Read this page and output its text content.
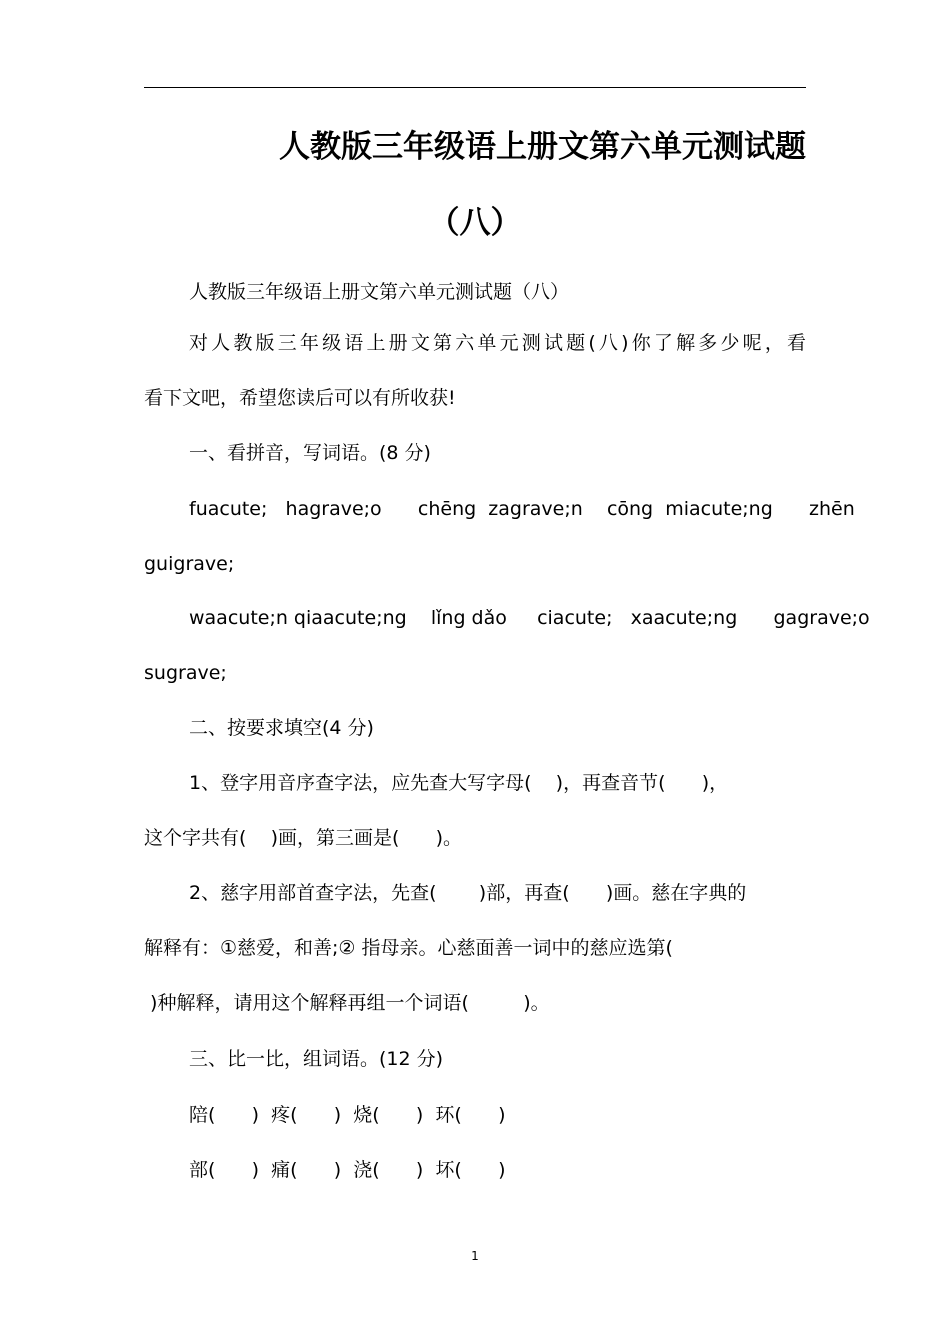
人教版三年级语上册文第六单元测试题
（八）
人教版三年级语上册文第六单元测试题（八）
对人教版三年级语上册文第六单元测试题(八)你了解多少呢，看
看下文吧，希望您读后可以有所收获!
一、看拼音，写词语。(8 分)
fuacute;   hagrave;o      chēng  zagrave;n    cōng  miacute;ng      zhēn
guigrave;
waacute;n qiaacute;ng    lǐng dǎo     ciacute;   xaacute;ng      gagrave;o
sugrave;
二、按要求填空(4 分)
1、登字用音序查字法，应先查大写字母(    )，再查音节(      )，
这个字共有(    )画，第三画是(      )。
2、慈字用部首查字法，先查(       )部，再查(      )画。慈在字典的
解释有：①慈爱，和善;② 指母亲。心慈面善一词中的慈应选第(
)种解释，请用这个解释再组一个词语(         )。
三、比一比，组词语。(12 分)
陪(      )  疼(      )  烧(      )  环(      )
部(      )  痛(      )  浇(      )  坏(      )
1
